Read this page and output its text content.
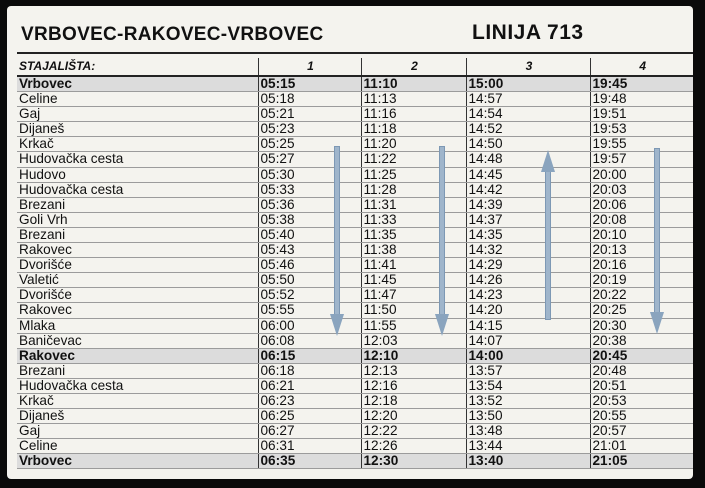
VRBOVEC-RAKOVEC-VRBOVEC	LINIJA 713
STAJALIŠTA:	1	2	3	4
Vrbovec	05:15	11:10	15:00	19:45
Celine	05:18	11:13	14:57	19:48
Gaj	05:21	11:16	14:54	19:51
Dijaneš	05:23	11:18	14:52	19:53
Krkač	05:25	11:20	14:50	19:55
Hudovačka cesta	05:27	11:22	14:48	19:57
Hudovo	05:30	11:25	14:45	20:00
Hudovačka cesta	05:33	11:28	14:42	20:03
Brezani	05:36	11:31	14:39	20:06
Goli Vrh	05:38	11:33	14:37	20:08
Brezani	05:40	11:35	14:35	20:10
Rakovec	05:43	11:38	14:32	20:13
Dvorišće	05:46	11:41	14:29	20:16
Valetić	05:50	11:45	14:26	20:19
Dvorišće	05:52	11:47	14:23	20:22
Rakovec	05:55	11:50	14:20	20:25
Mlaka	06:00	11:55	14:15	20:30
Baničevac	06:08	12:03	14:07	20:38
Rakovec	06:15	12:10	14:00	20:45
Brezani	06:18	12:13	13:57	20:48
Hudovačka cesta	06:21	12:16	13:54	20:51
Krkač	06:23	12:18	13:52	20:53
Dijaneš	06:25	12:20	13:50	20:55
Gaj	06:27	12:22	13:48	20:57
Celine	06:31	12:26	13:44	21:01
Vrbovec	06:35	12:30	13:40	21:05
